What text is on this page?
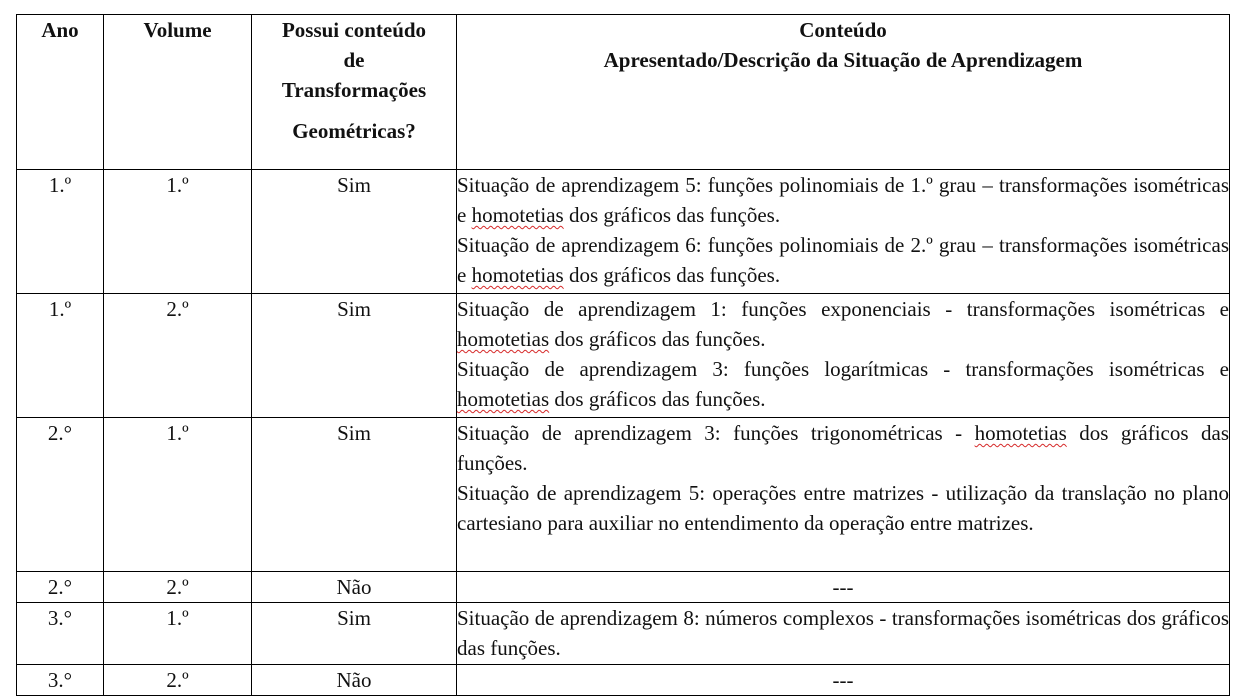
Ano	Volume	Possui conteúdo
de
Transformações
Geométricas?	Conteúdo
Apresentado/Descrição da Situação de Aprendizagem

1.º	1.º	Sim	Situação de aprendizagem 5: funções polinomiais de 1.º grau – transformações isométricas e homotetias dos gráficos das funções.
Situação de aprendizagem 6: funções polinomiais de 2.º grau – transformações isométricas e homotetias dos gráficos das funções.

1.º	2.º	Sim	Situação de aprendizagem 1: funções exponenciais - transformações isométricas e homotetias dos gráficos das funções.
Situação de aprendizagem 3: funções logarítmicas - transformações isométricas e homotetias dos gráficos das funções.

2.°	1.º	Sim	Situação de aprendizagem 3: funções trigonométricas - homotetias dos gráficos das funções.
Situação de aprendizagem 5: operações entre matrizes - utilização da translação no plano cartesiano para auxiliar no entendimento da operação entre matrizes.

2.°	2.º	Não	---
3.°	1.º	Sim	Situação de aprendizagem 8: números complexos - transformações isométricas dos gráficos das funções.

3.°	2.º	Não	---
